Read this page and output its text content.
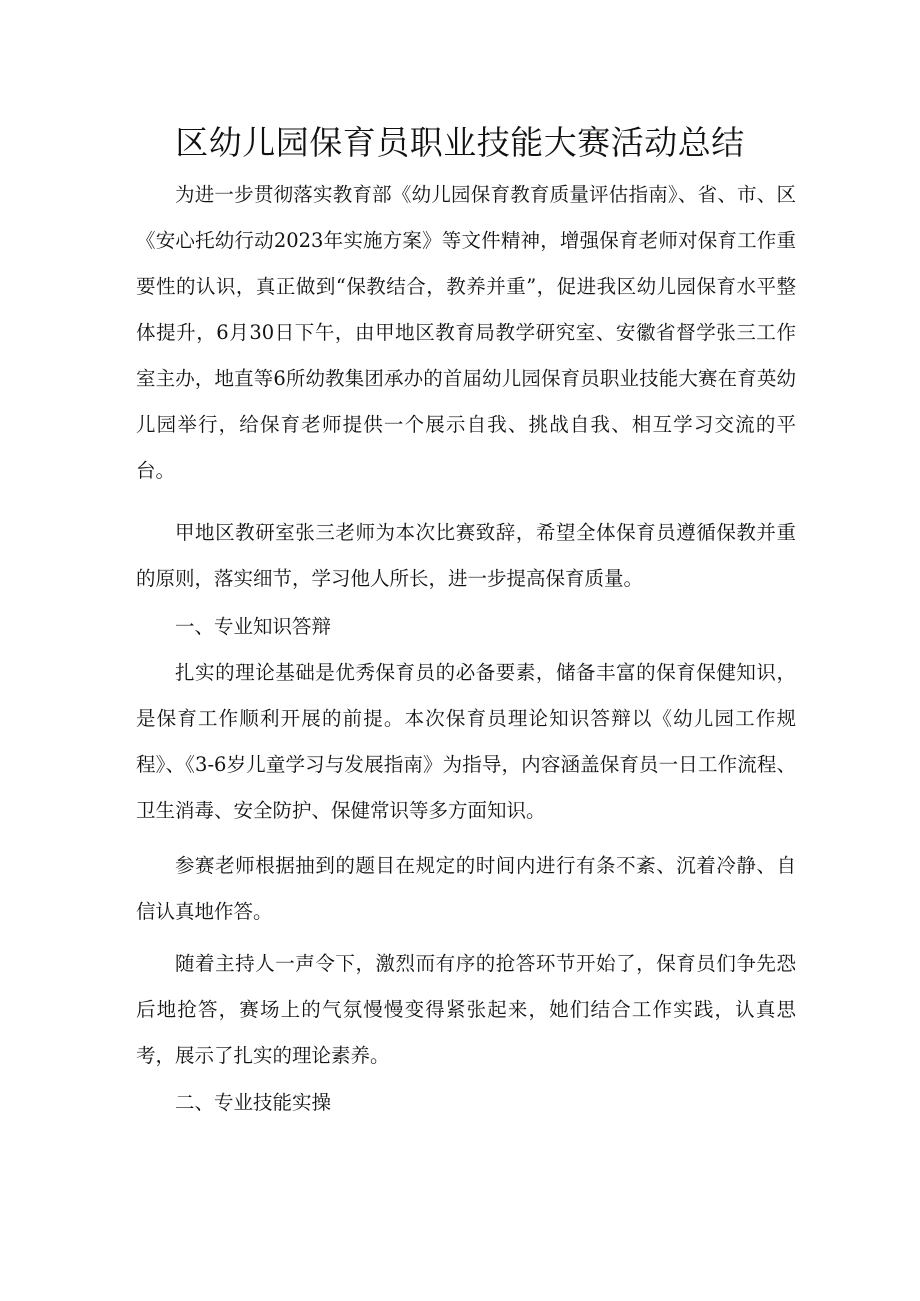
区幼儿园保育员职业技能大赛活动总结

为进一步贯彻落实教育部《幼儿园保育教育质量评估指南》、省、市、区《安心托幼行动2023年实施方案》等文件精神，增强保育老师对保育工作重要性的认识，真正做到“保教结合，教养并重”，促进我区幼儿园保育水平整体提升，6月30日下午，由甲地区教育局教学研究室、安徽省督学张三工作室主办，地直等6所幼教集团承办的首届幼儿园保育员职业技能大赛在育英幼儿园举行，给保育老师提供一个展示自我、挑战自我、相互学习交流的平台。

甲地区教研室张三老师为本次比赛致辞，希望全体保育员遵循保教并重的原则，落实细节，学习他人所长，进一步提高保育质量。

一、专业知识答辩

扎实的理论基础是优秀保育员的必备要素，储备丰富的保育保健知识，是保育工作顺利开展的前提。本次保育员理论知识答辩以《幼儿园工作规程》、《3-6岁儿童学习与发展指南》为指导，内容涵盖保育员一日工作流程、卫生消毒、安全防护、保健常识等多方面知识。

参赛老师根据抽到的题目在规定的时间内进行有条不紊、沉着冷静、自信认真地作答。

随着主持人一声令下，激烈而有序的抢答环节开始了，保育员们争先恐后地抢答，赛场上的气氛慢慢变得紧张起来，她们结合工作实践，认真思考，展示了扎实的理论素养。

二、专业技能实操
